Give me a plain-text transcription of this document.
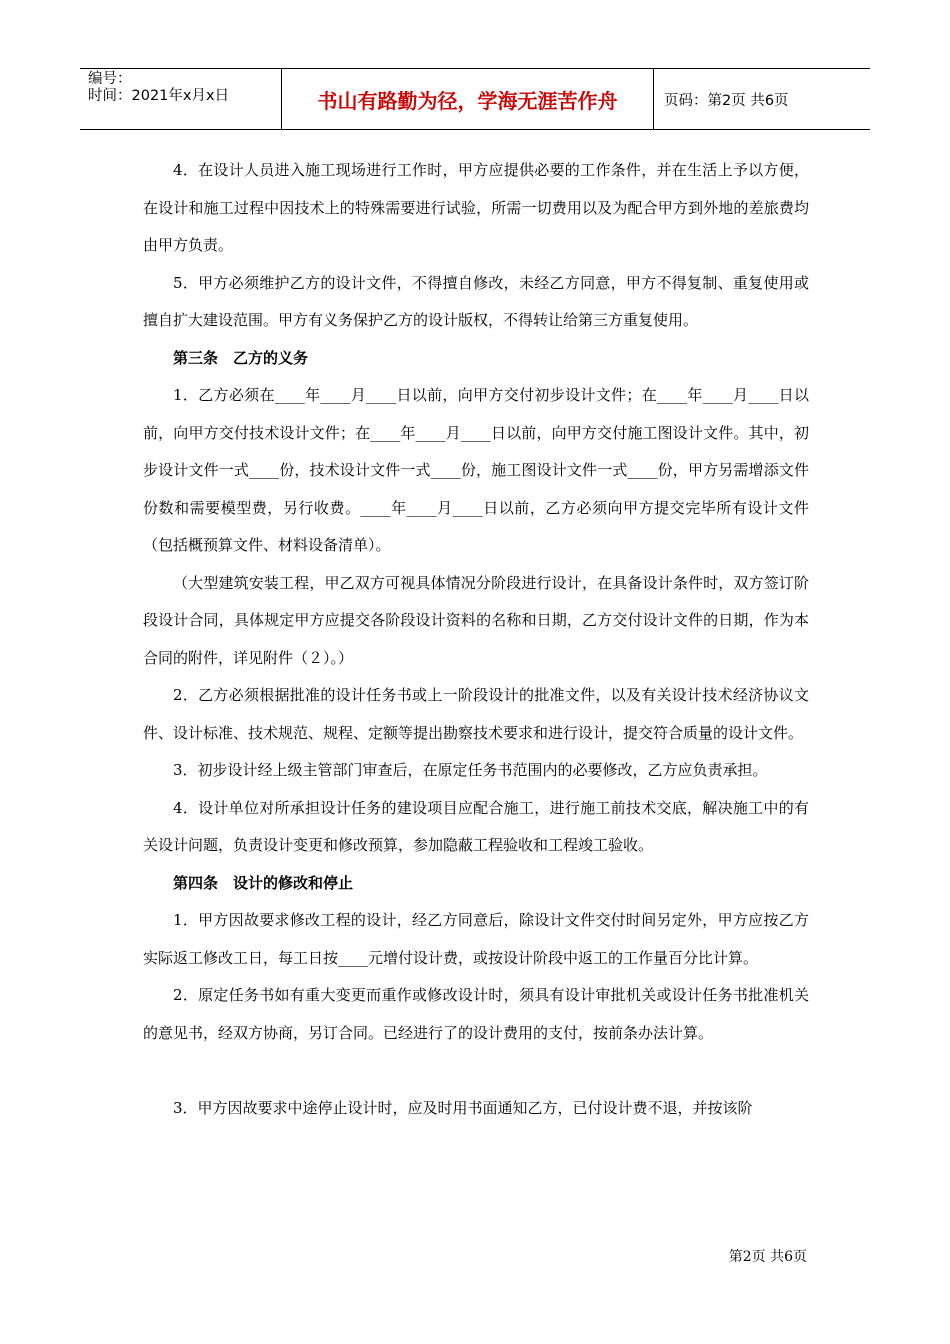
编号：
时间：2021年x月x日	书山有路勤为径，学海无涯苦作舟	页码：第2页 共6页

4．在设计人员进入施工现场进行工作时，甲方应提供必要的工作条件，并在生活上予以方便，在设计和施工过程中因技术上的特殊需要进行试验，所需一切费用以及为配合甲方到外地的差旅费均由甲方负责。

5．甲方必须维护乙方的设计文件，不得擅自修改，未经乙方同意，甲方不得复制、重复使用或擅自扩大建设范围。甲方有义务保护乙方的设计版权，不得转让给第三方重复使用。

第三条　乙方的义务

1．乙方必须在____年____月____日以前，向甲方交付初步设计文件；在____年____月____日以前，向甲方交付技术设计文件；在____年____月____日以前，向甲方交付施工图设计文件。其中，初步设计文件一式____份，技术设计文件一式____份，施工图设计文件一式____份，甲方另需增添文件份数和需要模型费，另行收费。____年____月____日以前，乙方必须向甲方提交完毕所有设计文件（包括概预算文件、材料设备清单）。

（大型建筑安装工程，甲乙双方可视具体情况分阶段进行设计，在具备设计条件时，双方签订阶段设计合同，具体规定甲方应提交各阶段设计资料的名称和日期，乙方交付设计文件的日期，作为本合同的附件，详见附件（２）。）

2．乙方必须根据批准的设计任务书或上一阶段设计的批准文件，以及有关设计技术经济协议文件、设计标准、技术规范、规程、定额等提出勘察技术要求和进行设计，提交符合质量的设计文件。

3．初步设计经上级主管部门审查后，在原定任务书范围内的必要修改，乙方应负责承担。

4．设计单位对所承担设计任务的建设项目应配合施工，进行施工前技术交底，解决施工中的有关设计问题，负责设计变更和修改预算，参加隐蔽工程验收和工程竣工验收。

第四条　设计的修改和停止

1．甲方因故要求修改工程的设计，经乙方同意后，除设计文件交付时间另定外，甲方应按乙方实际返工修改工日，每工日按____元增付设计费，或按设计阶段中返工的工作量百分比计算。

2．原定任务书如有重大变更而重作或修改设计时，须具有设计审批机关或设计任务书批准机关的意见书，经双方协商，另订合同。已经进行了的设计费用的支付，按前条办法计算。

3．甲方因故要求中途停止设计时，应及时用书面通知乙方，已付设计费不退，并按该阶

第2页 共6页
